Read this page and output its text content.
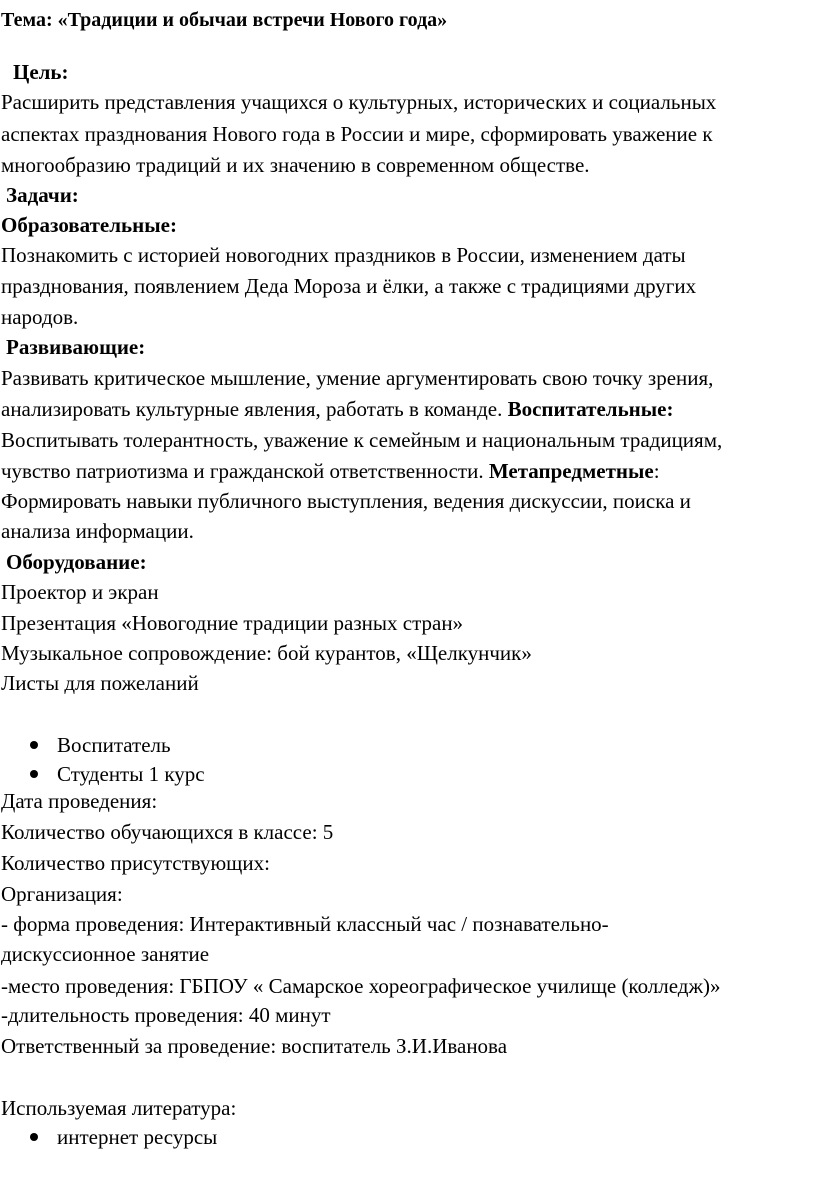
Тема: «Традиции и обычаи встречи Нового года»
Цель:
Расширить представления учащихся о культурных, исторических и социальных
аспектах празднования Нового года в России и мире, сформировать уважение к
многообразию традиций и их значению в современном обществе.
Задачи:
Образовательные:
Познакомить с историей новогодних праздников в России, изменением даты
празднования, появлением Деда Мороза и ёлки, а также с традициями других
народов.
Развивающие:
Развивать критическое мышление, умение аргументировать свою точку зрения,
анализировать культурные явления, работать в команде. Воспитательные:
Воспитывать толерантность, уважение к семейным и национальным традициям,
чувство патриотизма и гражданской ответственности. Метапредметные:
Формировать навыки публичного выступления, ведения дискуссии, поиска и
анализа информации.
Оборудование:
Проектор и экран
Презентация «Новогодние традиции разных стран»
Музыкальное сопровождение: бой курантов, «Щелкунчик»
Листы для пожеланий
Воспитатель
Студенты 1 курс
Дата проведения:
Количество обучающихся в классе: 5
Количество присутствующих:
Организация:
- форма проведения: Интерактивный классный час / познавательно-
дискуссионное занятие
-место проведения: ГБПОУ « Самарское хореографическое училище (колледж)»
-длительность проведения: 40 минут
Ответственный за проведение: воспитатель З.И.Иванова
Используемая литература:
интернет ресурсы
